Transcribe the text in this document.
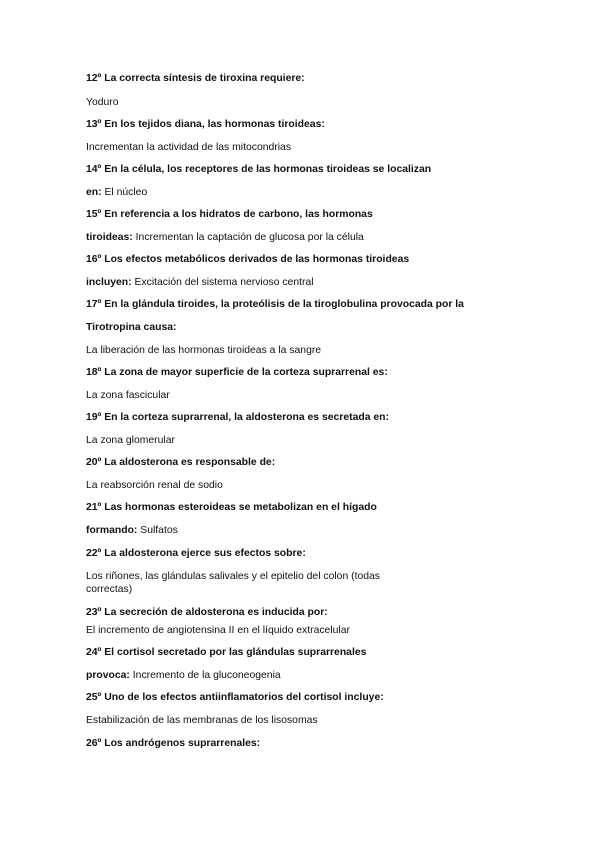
12º La correcta síntesis de tiroxina requiere:
Yoduro
13º En los tejidos diana, las hormonas tiroideas:
Incrementan la actividad de las mitocondrias
14º En la célula, los receptores de las hormonas tiroideas se localizan
en: El núcleo
15º En referencia a los hidratos de carbono, las hormonas
tiroideas: Incrementan la captación de glucosa por la célula
16º Los efectos metabólicos derivados de las hormonas tiroideas
incluyen: Excitación del sistema nervioso central
17º En la glándula tiroides, la proteólisis de la tiroglobulina provocada por la
Tirotropina causa:
La liberación de las hormonas tiroideas a la sangre
18º La zona de mayor superficie de la corteza suprarrenal es:
La zona fascicular
19º En la corteza suprarrenal, la aldosterona es secretada en:
La zona glomerular
20º La aldosterona es responsable de:
La reabsorción renal de sodio
21º Las hormonas esteroideas se metabolizan en el hígado
formando: Sulfatos
22º La aldosterona ejerce sus efectos sobre:
Los riñones, las glándulas salivales y el epitelio del colon (todas correctas)
23º La secreción de aldosterona es inducida por:
El incremento de angiotensina II en el líquido extracelular
24º El cortisol secretado por las glándulas suprarrenales
provoca: Incremento de la gluconeogenia
25º Uno de los efectos antiinflamatorios del cortisol incluye:
Estabilización de las membranas de los lisosomas
26º Los andrógenos suprarrenales:
